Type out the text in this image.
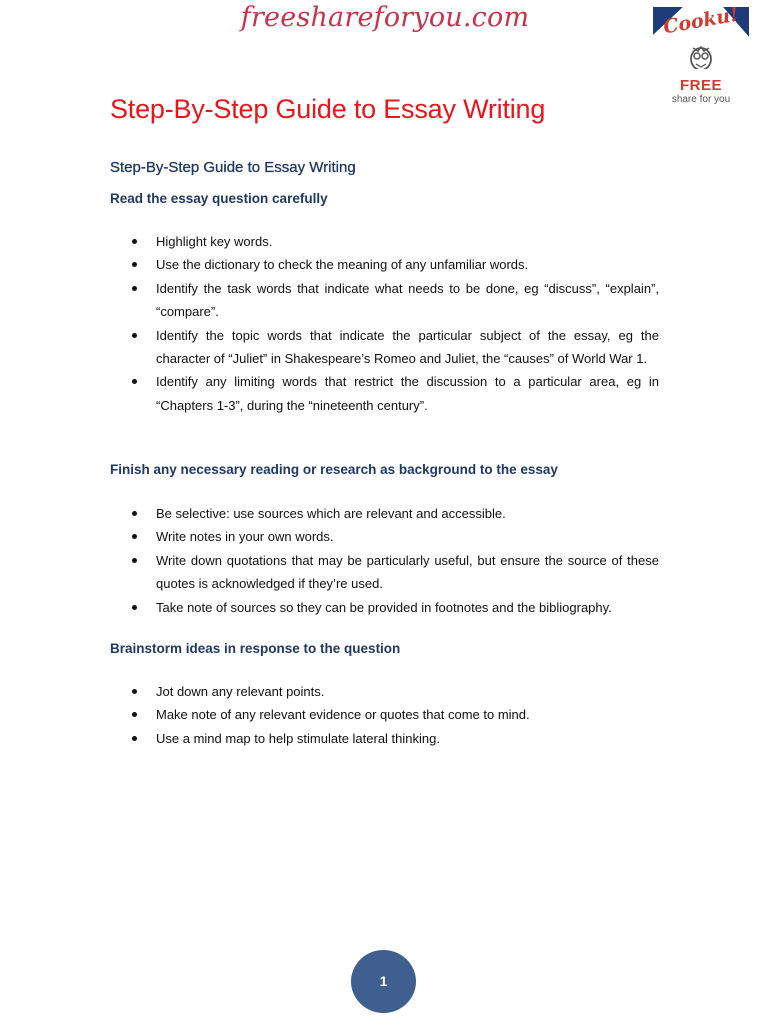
freeshareforyou.com	Cooku!
FREE
share for you
Step-By-Step Guide to Essay Writing
Step-By-Step Guide to Essay Writing
Read the essay question carefully
Highlight key words.
Use the dictionary to check the meaning of any unfamiliar words.
Identify the task words that indicate what needs to be done, eg “discuss”, “explain”, “compare”.
Identify the topic words that indicate the particular subject of the essay, eg the character of “Juliet” in Shakespeare’s Romeo and Juliet, the “causes” of World War 1.
Identify any limiting words that restrict the discussion to a particular area, eg in “Chapters 1-3”, during the “nineteenth century”.
Finish any necessary reading or research as background to the essay
Be selective: use sources which are relevant and accessible.
Write notes in your own words.
Write down quotations that may be particularly useful, but ensure the source of these quotes is acknowledged if they’re used.
Take note of sources so they can be provided in footnotes and the bibliography.
Brainstorm ideas in response to the question
Jot down any relevant points.
Make note of any relevant evidence or quotes that come to mind.
Use a mind map to help stimulate lateral thinking.
1
